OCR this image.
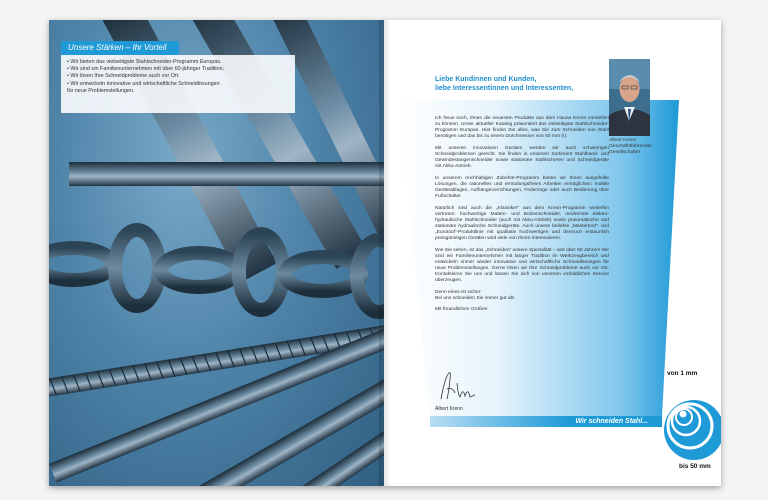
Unsere Stärken – Ihr Vorteil
• Wir bieten das vielseitigste Stahlschneider-Programm Europas.
• Wir sind ein Familienunternehmen mit über 60-jähriger Tradition.
• Wir lösen Ihre Schneidprobleme auch vor Ort.
• Wir entwickeln innovative und wirtschaftliche Schneidlösungen
für neue Problemstellungen.
Liebe Kundinnen und Kunden,
liebe Interessentinnen und Interessenten,

Ich freue mich, Ihnen die neuesten Produkte aus dem Hause Krenn vorstellen zu können. Unser aktueller Katalog präsentiert das vielseitigste Stahlschneider-Programm Europas. Hier finden Sie alles, was Sie zum Schneiden von Stahl benötigen und das bis zu einem Durchmesser von 50 mm (!).

Mit unseren innovativen Geräten werden wir auch schwierigen Schneidproblemen gerecht. Sie finden in unserem Sortiment Stahlband- und Gewindestangenschneider sowie stationäre Stahlscheren und Schneidgeräte mit Akku-Antrieb.

In unserem reichhaltigen Zubehör-Programm bieten wir Ihnen ausgefeilte Lösungen, die rationelles und ermüdungsfreies Arbeiten ermöglichen: mobile Geräteablagen, Aufhängevorrichtungen, Federzüge oder auch Bedienung über Fußschalter.

Natürlich sind auch die „Klassiker“ aus dem Krenn-Programm weiterhin vertreten: hochwertige Matten- und Bolzenschneider, modernste elektro-hydraulische Stahlschneider (auch mit Akku-Antrieb) sowie pneumatische und stationäre hydraulische Schneidgeräte. Auch unsere beliebte „Mastertool“- und „Eurotool“-Produktlinie mit qualitativ hochwertigen und dennoch erstaunlich preisgünstigen Geräten wird viele von Ihnen interessieren.

Wie Sie sehen, ist das „Schneiden“ unsere Spezialität – seit über 60 Jahren! Wir sind ein Familienunternehmen mit langer Tradition im Werkzeugbereich und entwickeln immer wieder innovative und wirtschaftliche Schneidlösungen für neue Problemstellungen. Gerne lösen wir Ihre Schneidprobleme auch vor Ort. Kontaktieren Sie uns und lassen Sie sich von unserem vorbildlichen Service überzeugen.

Denn eines ist sicher:
Bei uns schneiden Sie immer gut ab!

Mit freundlichen Grüßen

Albert Krenn
Geschäftsführender
Gesellschafter
Albert Krenn
Wir schneiden Stahl...
von 1 mm
bis 50 mm
